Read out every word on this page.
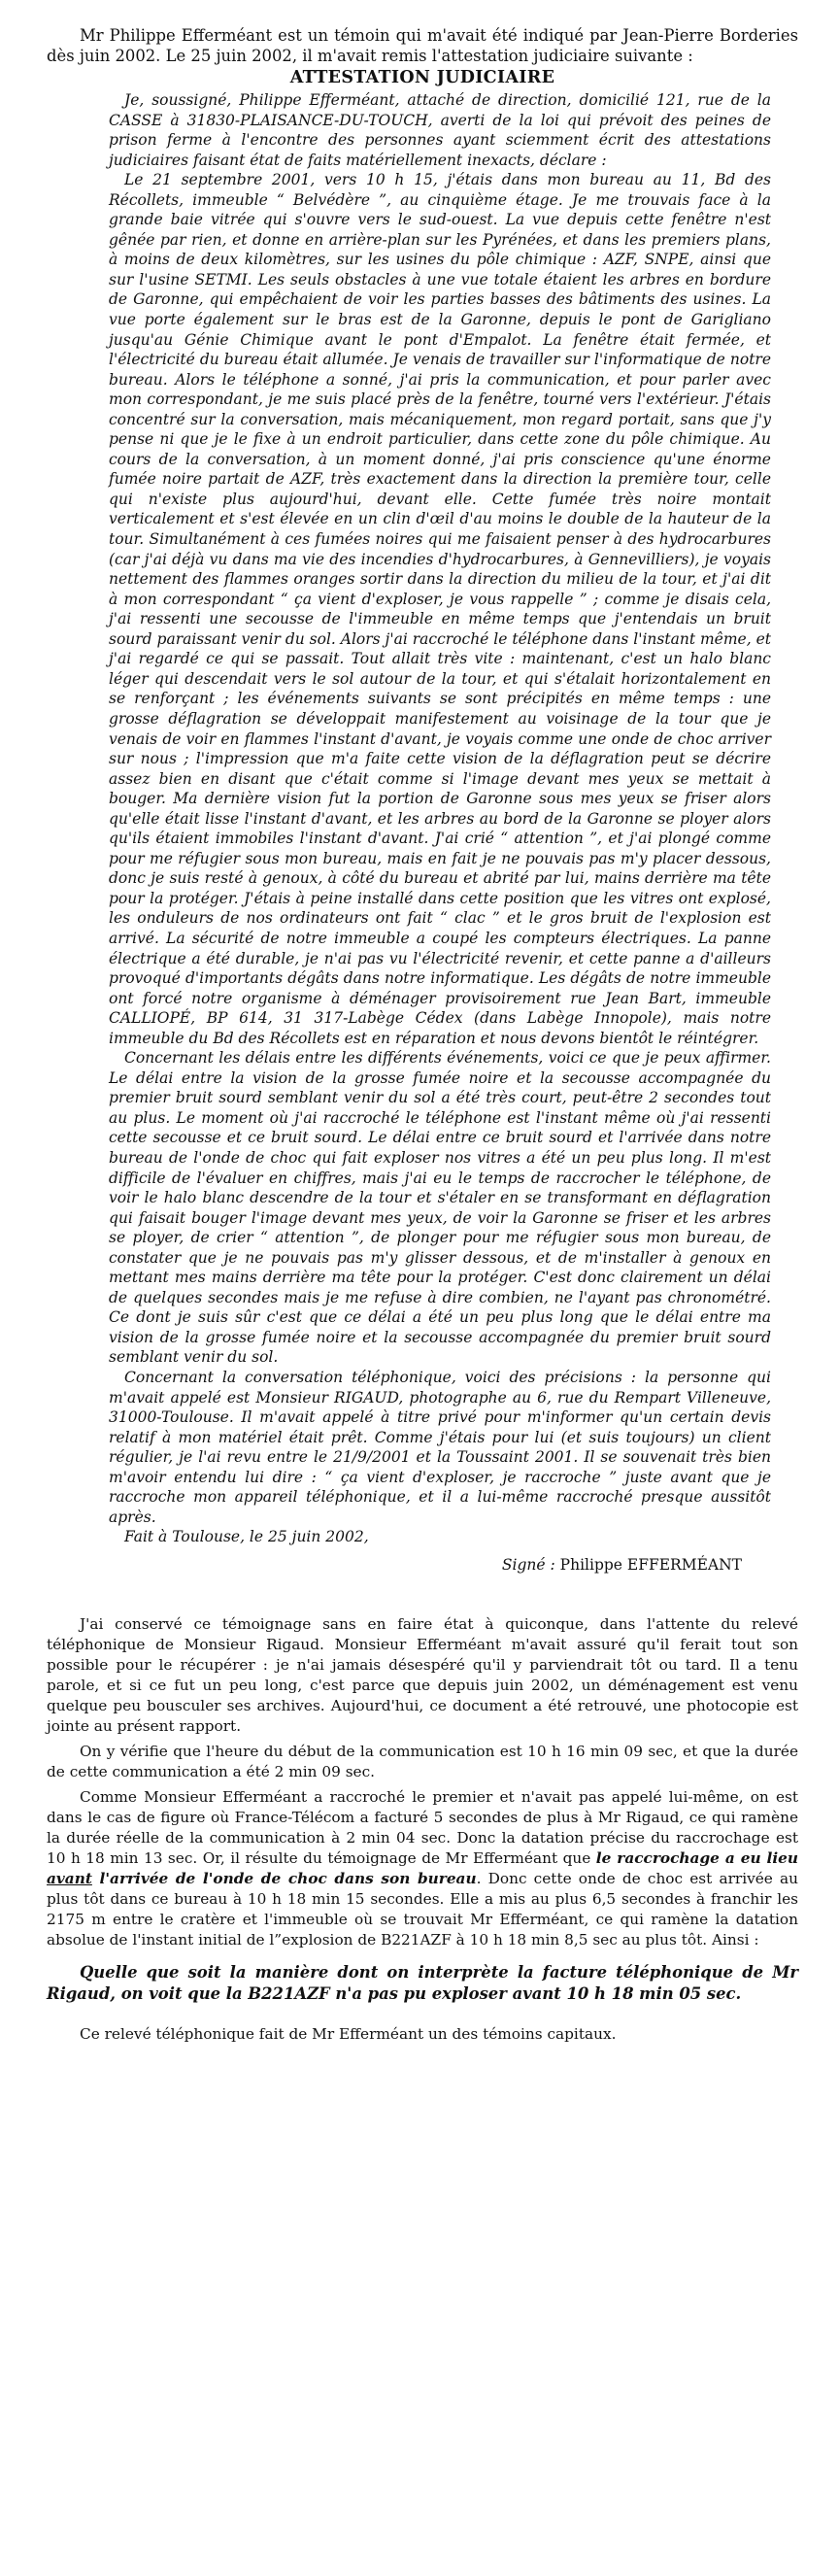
Mr Philippe Efferméant est un témoin qui m'avait été indiqué par Jean-Pierre Borderies dès juin 2002. Le 25 juin 2002, il m'avait remis l'attestation judiciaire suivante :

ATTESTATION JUDICIAIRE

Je, soussigné, Philippe Efferméant, attaché de direction, domicilié 121, rue de la CASSE à 31830-PLAISANCE-DU-TOUCH, averti de la loi qui prévoit des peines de prison ferme à l'encontre des personnes ayant sciemment écrit des attestations judiciaires faisant état de faits matériellement inexacts, déclare :

Le 21 septembre 2001, vers 10 h 15, j'étais dans mon bureau au 11, Bd des Récollets, immeuble “ Belvédère ”, au cinquième étage. Je me trouvais face à la grande baie vitrée qui s'ouvre vers le sud-ouest. La vue depuis cette fenêtre n'est gênée par rien, et donne en arrière-plan sur les Pyrénées, et dans les premiers plans, à moins de deux kilomètres, sur les usines du pôle chimique : AZF, SNPE, ainsi que sur l'usine SETMI. Les seuls obstacles à une vue totale étaient les arbres en bordure de Garonne, qui empêchaient de voir les parties basses des bâtiments des usines. La vue porte également sur le bras est de la Garonne, depuis le pont de Garigliano jusqu'au Génie Chimique avant le pont d'Empalot. La fenêtre était fermée, et l'électricité du bureau était allumée. Je venais de travailler sur l'informatique de notre bureau. Alors le téléphone a sonné, j'ai pris la communication, et pour parler avec mon correspondant, je me suis placé près de la fenêtre, tourné vers l'extérieur. J'étais concentré sur la conversation, mais mécaniquement, mon regard portait, sans que j'y pense ni que je le fixe à un endroit particulier, dans cette zone du pôle chimique. Au cours de la conversation, à un moment donné, j'ai pris conscience qu'une énorme fumée noire partait de AZF, très exactement dans la direction la première tour, celle qui n'existe plus aujourd'hui, devant elle. Cette fumée très noire montait verticalement et s'est élevée en un clin d'œil d'au moins le double de la hauteur de la tour. Simultanément à ces fumées noires qui me faisaient penser à des hydrocarbures (car j'ai déjà vu dans ma vie des incendies d'hydrocarbures, à Gennevilliers), je voyais nettement des flammes oranges sortir dans la direction du milieu de la tour, et j'ai dit à mon correspondant “ ça vient d'exploser, je vous rappelle ” ; comme je disais cela, j'ai ressenti une secousse de l'immeuble en même temps que j'entendais un bruit sourd paraissant venir du sol. Alors j'ai raccroché le téléphone dans l'instant même, et j'ai regardé ce qui se passait. Tout allait très vite : maintenant, c'est un halo blanc léger qui descendait vers le sol autour de la tour, et qui s'étalait horizontalement en se renforçant ; les événements suivants se sont précipités en même temps : une grosse déflagration se développait manifestement au voisinage de la tour que je venais de voir en flammes l'instant d'avant, je voyais comme une onde de choc arriver sur nous ; l'impression que m'a faite cette vision de la déflagration peut se décrire assez bien en disant que c'était comme si l'image devant mes yeux se mettait à bouger. Ma dernière vision fut la portion de Garonne sous mes yeux se friser alors qu'elle était lisse l'instant d'avant, et les arbres au bord de la Garonne se ployer alors qu'ils étaient immobiles l'instant d'avant. J'ai crié “ attention ”, et j'ai plongé comme pour me réfugier sous mon bureau, mais en fait je ne pouvais pas m'y placer dessous, donc je suis resté à genoux, à côté du bureau et abrité par lui, mains derrière ma tête pour la protéger. J'étais à peine installé dans cette position que les vitres ont explosé, les onduleurs de nos ordinateurs ont fait “ clac ” et le gros bruit de l'explosion est arrivé. La sécurité de notre immeuble a coupé les compteurs électriques. La panne électrique a été durable, je n'ai pas vu l'électricité revenir, et cette panne a d'ailleurs provoqué d'importants dégâts dans notre informatique. Les dégâts de notre immeuble ont forcé notre organisme à déménager provisoirement rue Jean Bart, immeuble CALLIOPÉ, BP 614, 31 317-Labège Cédex (dans Labège Innopole), mais notre immeuble du Bd des Récollets est en réparation et nous devons bientôt le réintégrer.

Concernant les délais entre les différents événements, voici ce que je peux affirmer. Le délai entre la vision de la grosse fumée noire et la secousse accompagnée du premier bruit sourd semblant venir du sol a été très court, peut-être 2 secondes tout au plus. Le moment où j'ai raccroché le téléphone est l'instant même où j'ai ressenti cette secousse et ce bruit sourd. Le délai entre ce bruit sourd et l'arrivée dans notre bureau de l'onde de choc qui fait exploser nos vitres a été un peu plus long. Il m'est difficile de l'évaluer en chiffres, mais j'ai eu le temps de raccrocher le téléphone, de voir le halo blanc descendre de la tour et s'étaler en se transformant en déflagration qui faisait bouger l'image devant mes yeux, de voir la Garonne se friser et les arbres se ployer, de crier “ attention ”, de plonger pour me réfugier sous mon bureau, de constater que je ne pouvais pas m'y glisser dessous, et de m'installer à genoux en mettant mes mains derrière ma tête pour la protéger. C'est donc clairement un délai de quelques secondes mais je me refuse à dire combien, ne l'ayant pas chronométré. Ce dont je suis sûr c'est que ce délai a été un peu plus long que le délai entre ma vision de la grosse fumée noire et la secousse accompagnée du premier bruit sourd semblant venir du sol.

Concernant la conversation téléphonique, voici des précisions : la personne qui m'avait appelé est Monsieur RIGAUD, photographe au 6, rue du Rempart Villeneuve, 31000-Toulouse. Il m'avait appelé à titre privé pour m'informer qu'un certain devis relatif à mon matériel était prêt. Comme j'étais pour lui (et suis toujours) un client régulier, je l'ai revu entre le 21/9/2001 et la Toussaint 2001. Il se souvenait très bien m'avoir entendu lui dire : “ ça vient d'exploser, je raccroche ” juste avant que je raccroche mon appareil téléphonique, et il a lui-même raccroché presque aussitôt après.

Fait à Toulouse, le 25 juin 2002,

Signé : Philippe EFFERMÉANT

J'ai conservé ce témoignage sans en faire état à quiconque, dans l'attente du relevé téléphonique de Monsieur Rigaud. Monsieur Efferméant m'avait assuré qu'il ferait tout son possible pour le récupérer : je n'ai jamais désespéré qu'il y parviendrait tôt ou tard. Il a tenu parole, et si ce fut un peu long, c'est parce que depuis juin 2002, un déménagement est venu quelque peu bousculer ses archives. Aujourd'hui, ce document a été retrouvé, une photocopie est jointe au présent rapport.

On y vérifie que l'heure du début de la communication est 10 h 16 min 09 sec, et que la durée de cette communication a été 2 min 09 sec.

Comme Monsieur Efferméant a raccroché le premier et n'avait pas appelé lui-même, on est dans le cas de figure où France-Télécom a facturé 5 secondes de plus à Mr Rigaud, ce qui ramène la durée réelle de la communication à 2 min 04 sec. Donc la datation précise du raccrochage est 10 h 18 min 13 sec. Or, il résulte du témoignage de Mr Efferméant que le raccrochage a eu lieu avant l'arrivée de l'onde de choc dans son bureau. Donc cette onde de choc est arrivée au plus tôt dans ce bureau à 10 h 18 min 15 secondes. Elle a mis au plus 6,5 secondes à franchir les 2175 m entre le cratère et l'immeuble où se trouvait Mr Efferméant, ce qui ramène la datation absolue de l'instant initial de l”explosion de B221AZF à 10 h 18 min 8,5 sec au plus tôt. Ainsi :

Quelle que soit la manière dont on interprète la facture téléphonique de Mr Rigaud, on voit que la B221AZF n'a pas pu exploser avant 10 h 18 min 05 sec.

Ce relevé téléphonique fait de Mr Efferméant un des témoins capitaux.
